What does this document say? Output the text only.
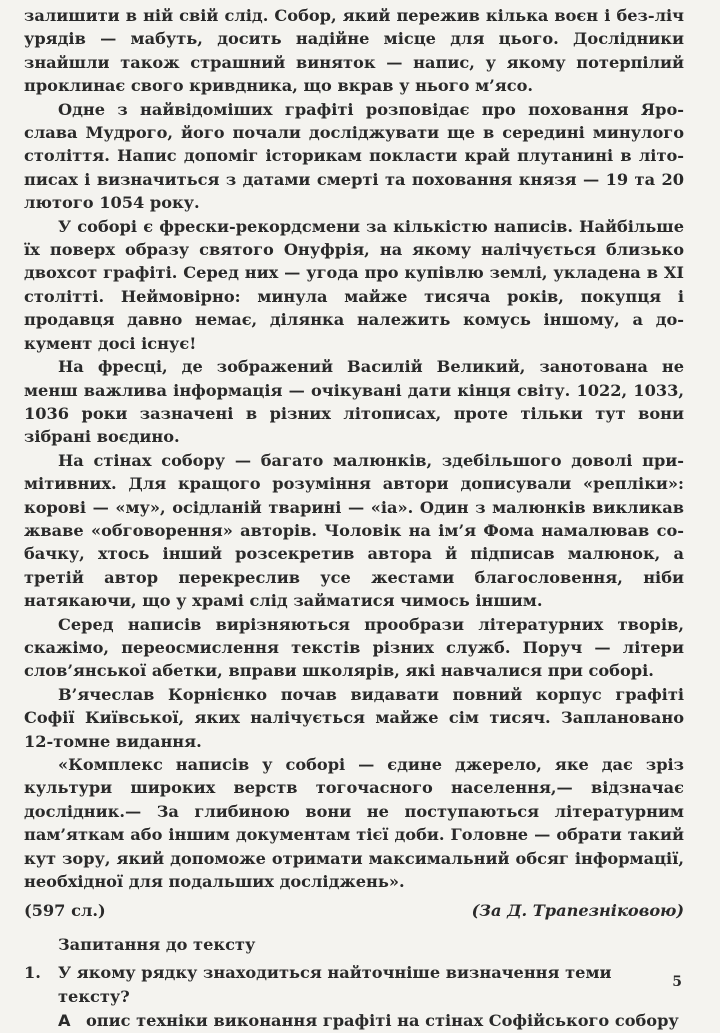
залишити в ній свій слід. Собор, який пережив кілька воєн і без-ліч урядів — мабуть, досить надійне місце для цього. Дослідники знайшли також страшний виняток — напис, у якому потерпілий проклинає свого кривдника, що вкрав у нього м’ясо.

Одне з найвідоміших графіті розповідає про поховання Ярослава Мудрого, його почали досліджувати ще в середині минулого століття. Напис допоміг історикам покласти край плутанині в літописах і визначиться з датами смерті та поховання князя — 19 та 20 лютого 1054 року.

У соборі є фрески-рекордсмени за кількістю написів. Найбільше їх поверх образу святого Онуфрія, на якому налічується близько двохсот графіті. Серед них — угода про купівлю землі, укладена в XI столітті. Неймовірно: минула майже тисяча років, покупця і продавця давно немає, ділянка належить комусь іншому, а документ досі існує!

На фресці, де зображений Василій Великий, занотована не менш важлива інформація — очікувані дати кінця світу. 1022, 1033, 1036 роки зазначені в різних літописах, проте тільки тут вони зібрані воєдино.

На стінах собору — багато малюнків, здебільшого доволі примітивних. Для кращого розуміння автори дописували «репліки»: корові — «му», осідланій тварині — «іа». Один з малюнків викликав жваве «обговорення» авторів. Чоловік на ім’я Фома намалював собачку, хтось інший розсекретив автора й підписав малюнок, а третій автор перекреслив усе жестами благословення, ніби натякаючи, що у храмі слід займатися чимось іншим.

Серед написів вирізняються прообрази літературних творів, скажімо, переосмислення текстів різних служб. Поруч — літери слов’янської абетки, вправи школярів, які навчалися при соборі.

В’ячеслав Корнієнко почав видавати повний корпус графіті Софії Київської, яких налічується майже сім тисяч. Заплановано 12-томне видання.

«Комплекс написів у соборі — єдине джерело, яке дає зріз культури широких верств тогочасного населення,— відзначає дослідник.— За глибиною вони не поступаються літературним пам’яткам або іншим документам тієї доби. Головне — обрати такий кут зору, який допоможе отримати максимальний обсяг інформації, необхідної для подальших досліджень».

(597 сл.)	(За Д. Трапезніковою)
Запитання до тексту
1.	У якому рядку знаходиться найточніше визначення теми тексту?
А опис техніки виконання графіті на стінах Софійського собору
5
